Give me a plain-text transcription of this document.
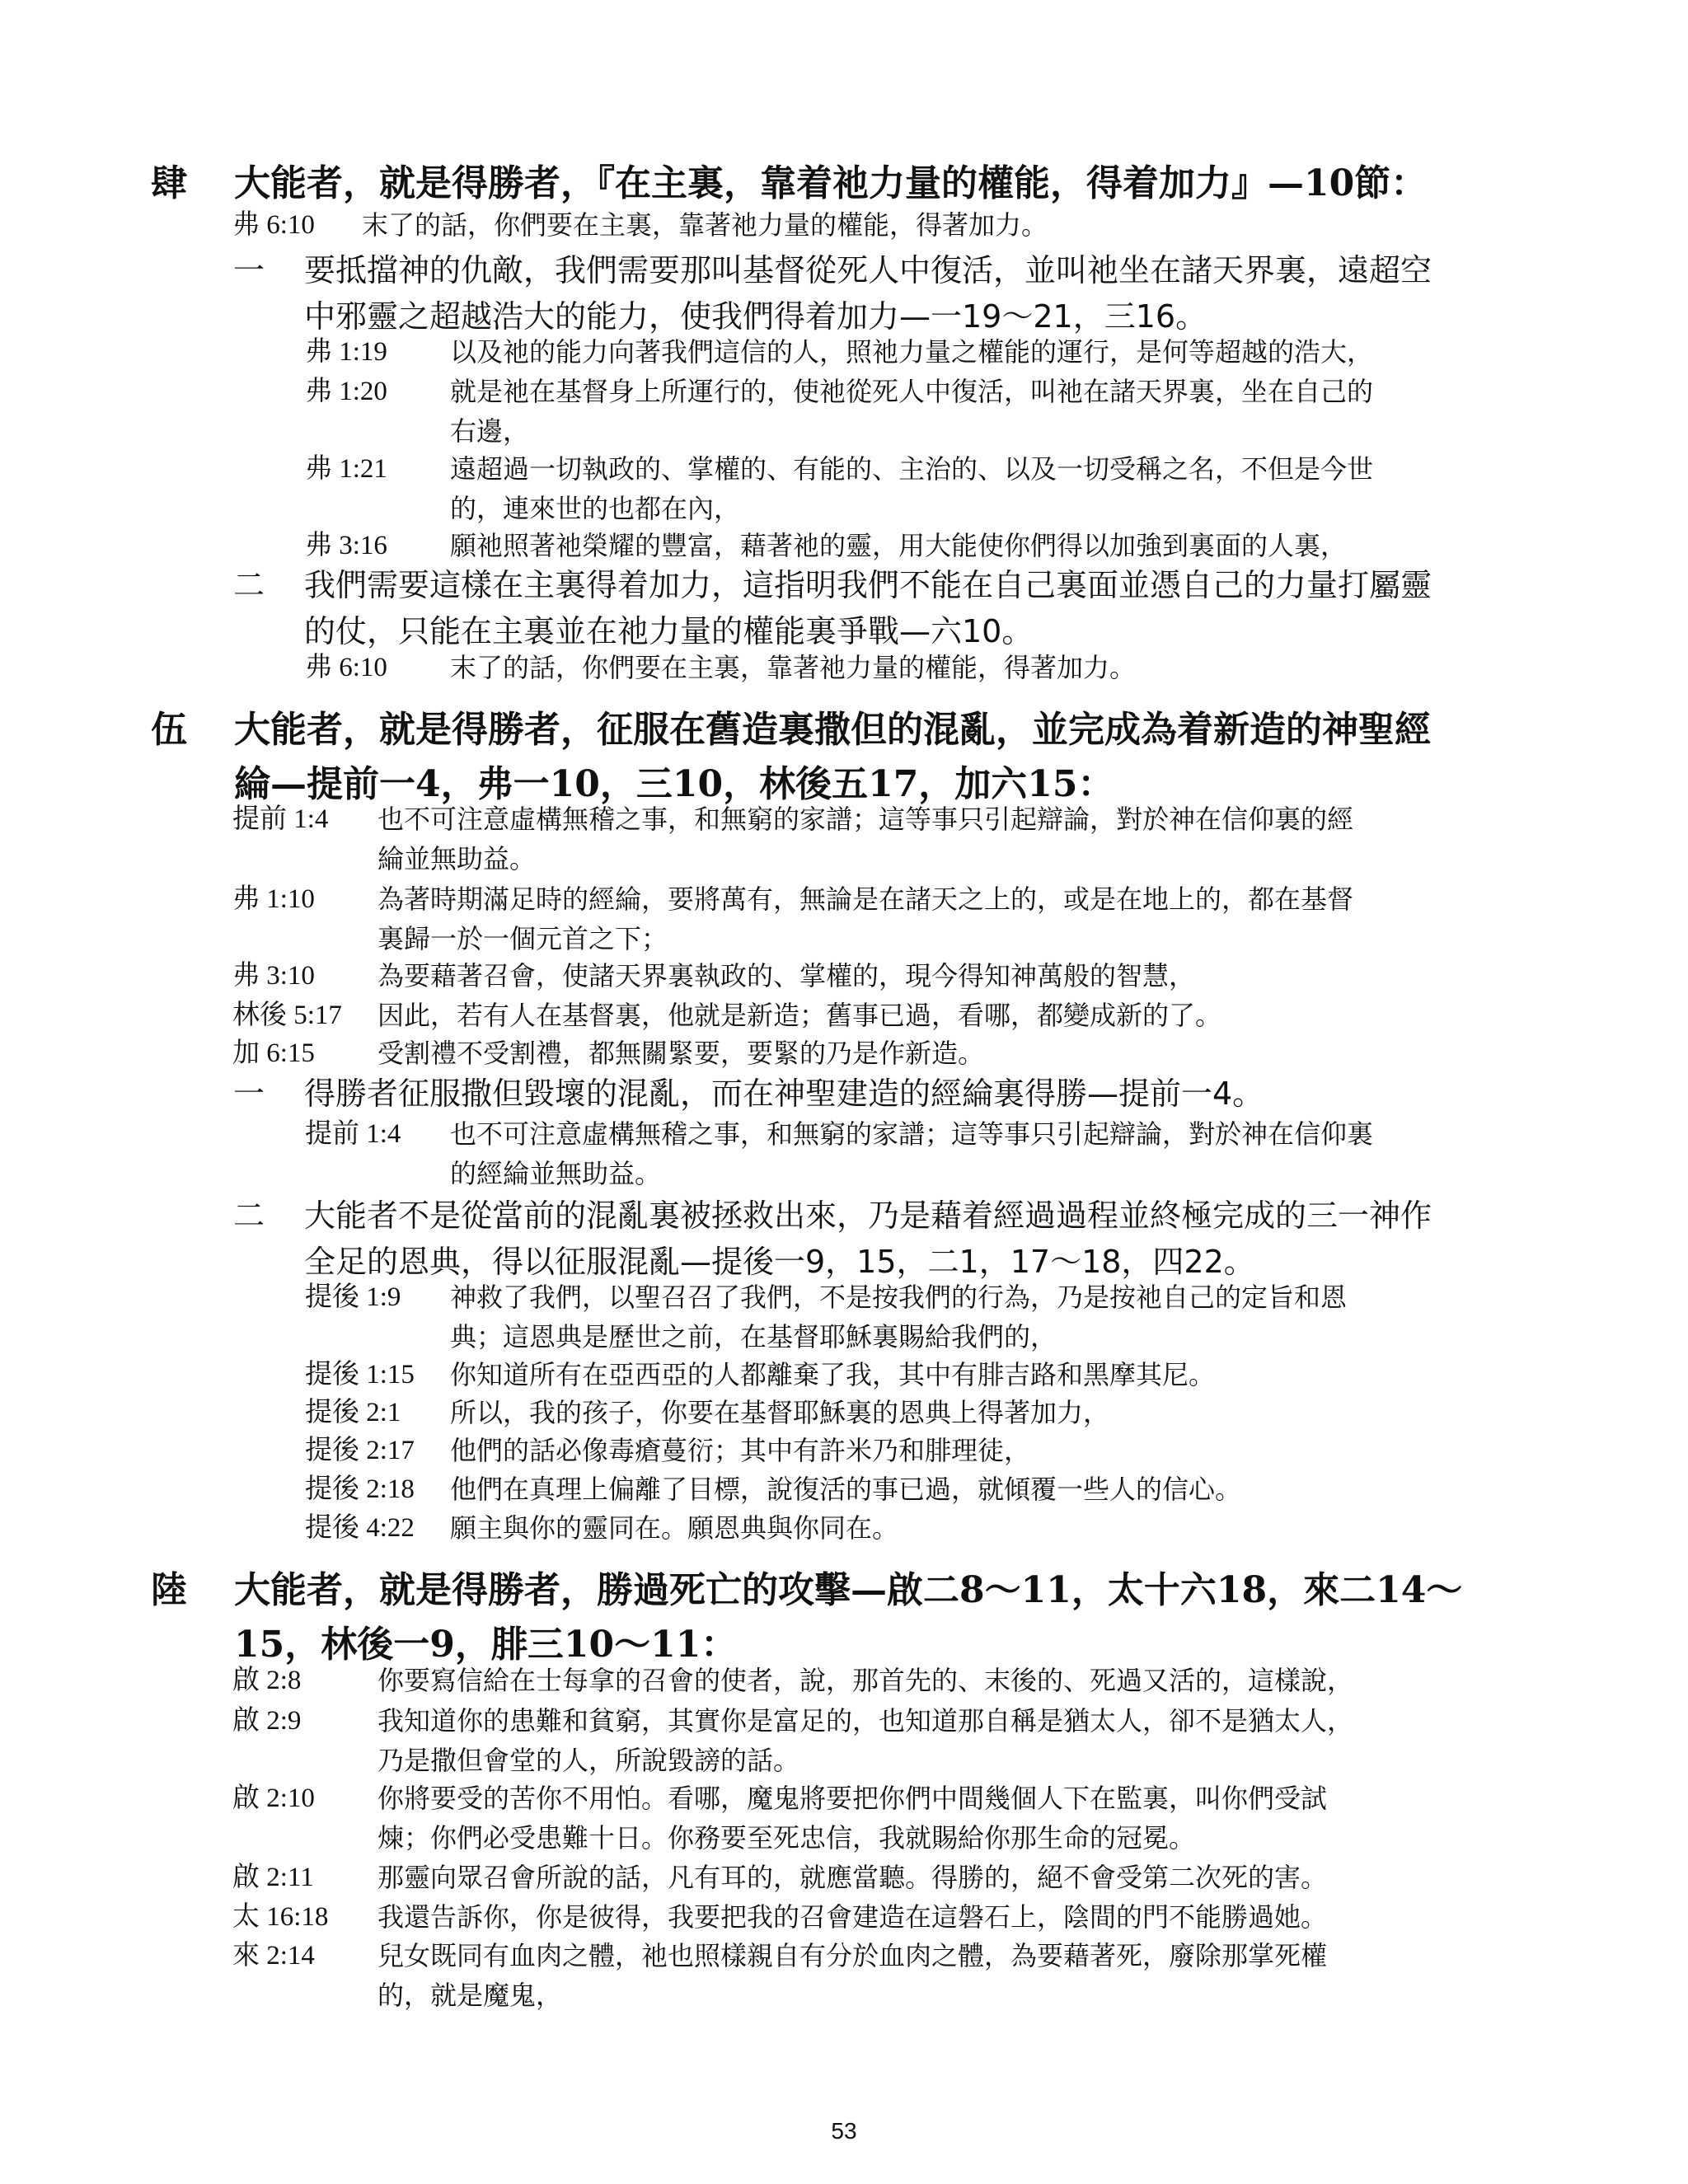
肆 大能者，就是得勝者，『在主裏，靠着祂力量的權能，得着加力』—10節：
弗 6:10 末了的話，你們要在主裏，靠著祂力量的權能，得著加力。
一 要抵擋神的仇敵，我們需要那叫基督從死人中復活，並叫祂坐在諸天界裏，遠超空
中邪靈之超越浩大的能力，使我們得着加力—一19～21，三16。
弗 1:19 以及祂的能力向著我們這信的人，照祂力量之權能的運行，是何等超越的浩大，
弗 1:20 就是祂在基督身上所運行的，使祂從死人中復活，叫祂在諸天界裏，坐在自己的
右邊，
弗 1:21 遠超過一切執政的、掌權的、有能的、主治的、以及一切受稱之名，不但是今世
的，連來世的也都在內，
弗 3:16 願祂照著祂榮耀的豐富，藉著祂的靈，用大能使你們得以加強到裏面的人裏，
二 我們需要這樣在主裏得着加力，這指明我們不能在自己裏面並憑自己的力量打屬靈
的仗，只能在主裏並在祂力量的權能裏爭戰—六10。
弗 6:10 末了的話，你們要在主裏，靠著祂力量的權能，得著加力。
伍 大能者，就是得勝者，征服在舊造裏撒但的混亂，並完成為着新造的神聖經
綸—提前一4，弗一10，三10，林後五17，加六15：
提前 1:4 也不可注意虛構無稽之事，和無窮的家譜；這等事只引起辯論，對於神在信仰裏的經
綸並無助益。
弗 1:10 為著時期滿足時的經綸，要將萬有，無論是在諸天之上的，或是在地上的，都在基督
裏歸一於一個元首之下；
弗 3:10 為要藉著召會，使諸天界裏執政的、掌權的，現今得知神萬般的智慧，
林後 5:17 因此，若有人在基督裏，他就是新造；舊事已過，看哪，都變成新的了。
加 6:15 受割禮不受割禮，都無關緊要，要緊的乃是作新造。
一 得勝者征服撒但毀壞的混亂，而在神聖建造的經綸裏得勝—提前一4。
提前 1:4 也不可注意虛構無稽之事，和無窮的家譜；這等事只引起辯論，對於神在信仰裏
的經綸並無助益。
二 大能者不是從當前的混亂裏被拯救出來，乃是藉着經過過程並終極完成的三一神作
全足的恩典，得以征服混亂—提後一9，15，二1，17～18，四22。
提後 1:9 神救了我們，以聖召召了我們，不是按我們的行為，乃是按祂自己的定旨和恩
典；這恩典是歷世之前，在基督耶穌裏賜給我們的，
提後 1:15 你知道所有在亞西亞的人都離棄了我，其中有腓吉路和黑摩其尼。
提後 2:1 所以，我的孩子，你要在基督耶穌裏的恩典上得著加力，
提後 2:17 他們的話必像毒瘡蔓衍；其中有許米乃和腓理徒，
提後 2:18 他們在真理上偏離了目標，說復活的事已過，就傾覆一些人的信心。
提後 4:22 願主與你的靈同在。願恩典與你同在。
陸 大能者，就是得勝者，勝過死亡的攻擊—啟二8～11，太十六18，來二14～
15，林後一9，腓三10～11：
啟 2:8	你要寫信給在士每拿的召會的使者，說，那首先的、末後的、死過又活的，這樣說，
啟 2:9	我知道你的患難和貧窮，其實你是富足的，也知道那自稱是猶太人，卻不是猶太人，
乃是撒但會堂的人，所說毀謗的話。
啟 2:10 你將要受的苦你不用怕。看哪，魔鬼將要把你們中間幾個人下在監裏，叫你們受試
煉；你們必受患難十日。你務要至死忠信，我就賜給你那生命的冠冕。
啟 2:11 那靈向眾召會所說的話，凡有耳的，就應當聽。得勝的，絕不會受第二次死的害。
太 16:18 我還告訴你，你是彼得，我要把我的召會建造在這磐石上，陰間的門不能勝過她。
來 2:14 兒女既同有血肉之體，祂也照樣親自有分於血肉之體，為要藉著死，廢除那掌死權
的，就是魔鬼，
53
